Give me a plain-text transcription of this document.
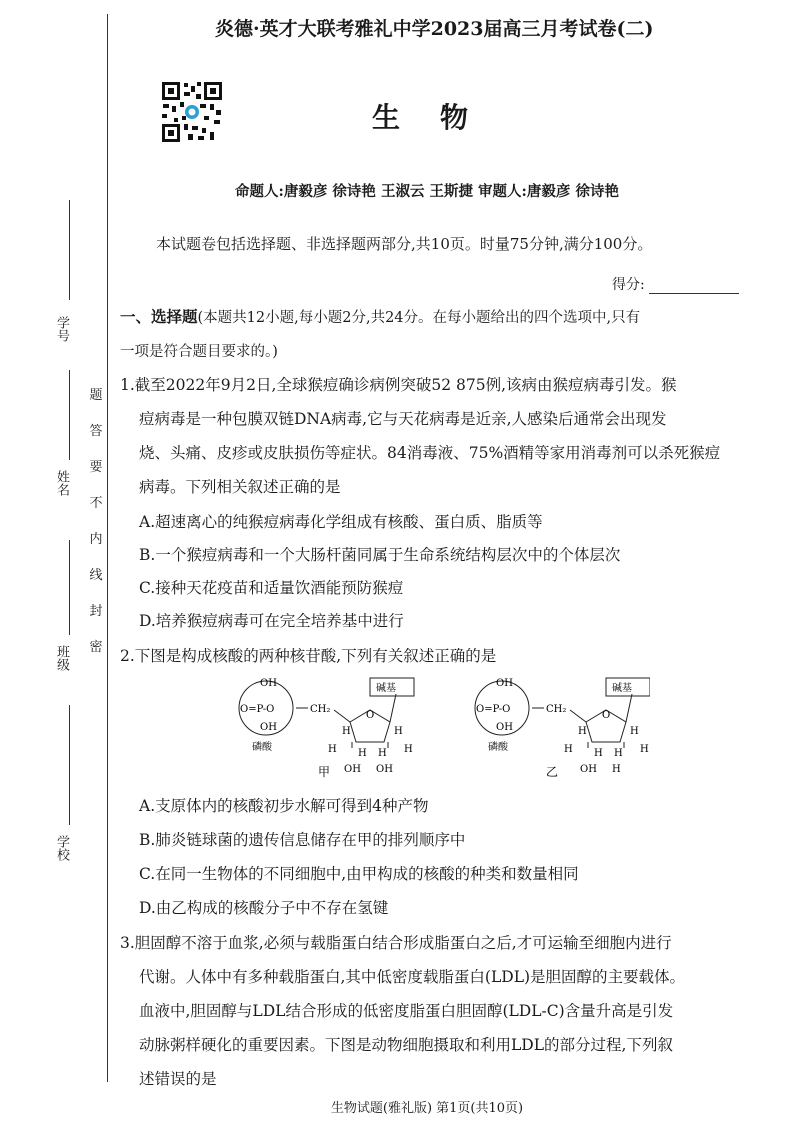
学号
姓名
班级
学校
题
答
要
不
内
线
封
密
炎德·英才大联考雅礼中学2023届高三月考试卷(二)
生物
命题人:唐毅彦 徐诗艳 王淑云 王斯捷 审题人:唐毅彦 徐诗艳
本试题卷包括选择题、非选择题两部分,共10页。时量75分钟,满分100分。
得分:
一、选择题(本题共12小题,每小题2分,共24分。在每小题给出的四个选项中,只有
一项是符合题目要求的。)
1.截至2022年9月2日,全球猴痘确诊病例突破52 875例,该病由猴痘病毒引发。猴
痘病毒是一种包膜双链DNA病毒,它与天花病毒是近亲,人感染后通常会出现发
烧、头痛、皮疹或皮肤损伤等症状。84消毒液、75%酒精等家用消毒剂可以杀死猴痘
病毒。下列相关叙述正确的是
A.超速离心的纯猴痘病毒化学组成有核酸、蛋白质、脂质等
B.一个猴痘病毒和一个大肠杆菌同属于生命系统结构层次中的个体层次
C.接种天花疫苗和适量饮酒能预防猴痘
D.培养猴痘病毒可在完全培养基中进行
2.下图是构成核酸的两种核苷酸,下列有关叙述正确的是
OH
O=P-O
OH
磷酸
CH₂
O
碱基
H	H
H H
H	H
OH OH
甲
OH
O=P-O
OH
磷酸
CH₂
O
碱基
H	H
H H
H	H
OH H
乙
A.支原体内的核酸初步水解可得到4种产物
B.肺炎链球菌的遗传信息储存在甲的排列顺序中
C.在同一生物体的不同细胞中,由甲构成的核酸的种类和数量相同
D.由乙构成的核酸分子中不存在氢键
3.胆固醇不溶于血浆,必须与载脂蛋白结合形成脂蛋白之后,才可运输至细胞内进行
代谢。人体中有多种载脂蛋白,其中低密度载脂蛋白(LDL)是胆固醇的主要载体。
血液中,胆固醇与LDL结合形成的低密度脂蛋白胆固醇(LDL-C)含量升高是引发
动脉粥样硬化的重要因素。下图是动物细胞摄取和利用LDL的部分过程,下列叙
述错误的是
生物试题(雅礼版) 第1页(共10页)
